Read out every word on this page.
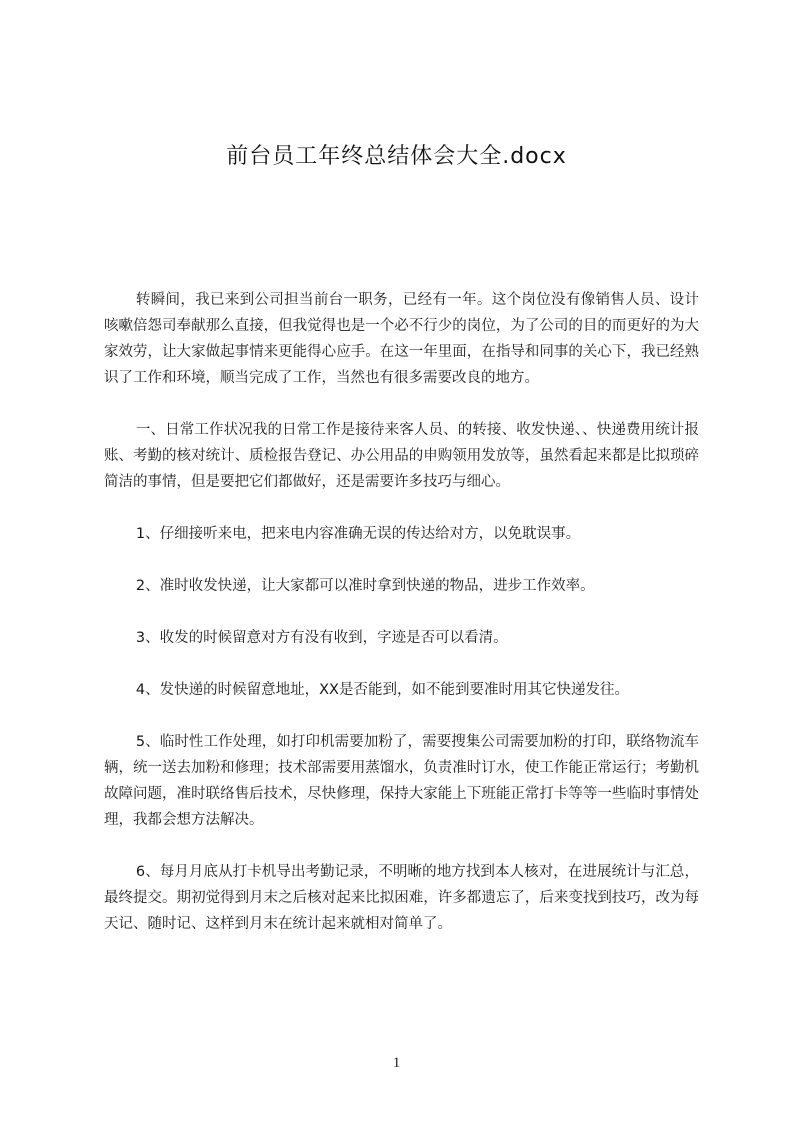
前台员工年终总结体会大全.docx

转瞬间，我已来到公司担当前台一职务，已经有一年。这个岗位没有像销售人员、设计咳嗽倍怨司奉献那么直接，但我觉得也是一个必不行少的岗位，为了公司的目的而更好的为大家效劳，让大家做起事情来更能得心应手。在这一年里面，在指导和同事的关心下，我已经熟识了工作和环境，顺当完成了工作，当然也有很多需要改良的地方。

一、日常工作状况我的日常工作是接待来客人员、的转接、收发快递、、快递费用统计报账、考勤的核对统计、质检报告登记、办公用品的申购领用发放等，虽然看起来都是比拟琐碎简洁的事情，但是要把它们都做好，还是需要许多技巧与细心。

1、仔细接听来电，把来电内容准确无误的传达给对方，以免耽误事。

2、准时收发快递，让大家都可以准时拿到快递的物品，进步工作效率。

3、收发的时候留意对方有没有收到，字迹是否可以看清。

4、发快递的时候留意地址，XX是否能到，如不能到要准时用其它快递发往。

5、临时性工作处理，如打印机需要加粉了，需要搜集公司需要加粉的打印，联络物流车辆，统一送去加粉和修理；技术部需要用蒸馏水，负责准时订水，使工作能正常运行；考勤机故障问题，准时联络售后技术，尽快修理，保持大家能上下班能正常打卡等等一些临时事情处理，我都会想方法解决。

6、每月月底从打卡机导出考勤记录，不明晰的地方找到本人核对，在进展统计与汇总，最终提交。期初觉得到月末之后核对起来比拟困难，许多都遗忘了，后来变找到技巧，改为每天记、随时记、这样到月末在统计起来就相对简单了。

1
